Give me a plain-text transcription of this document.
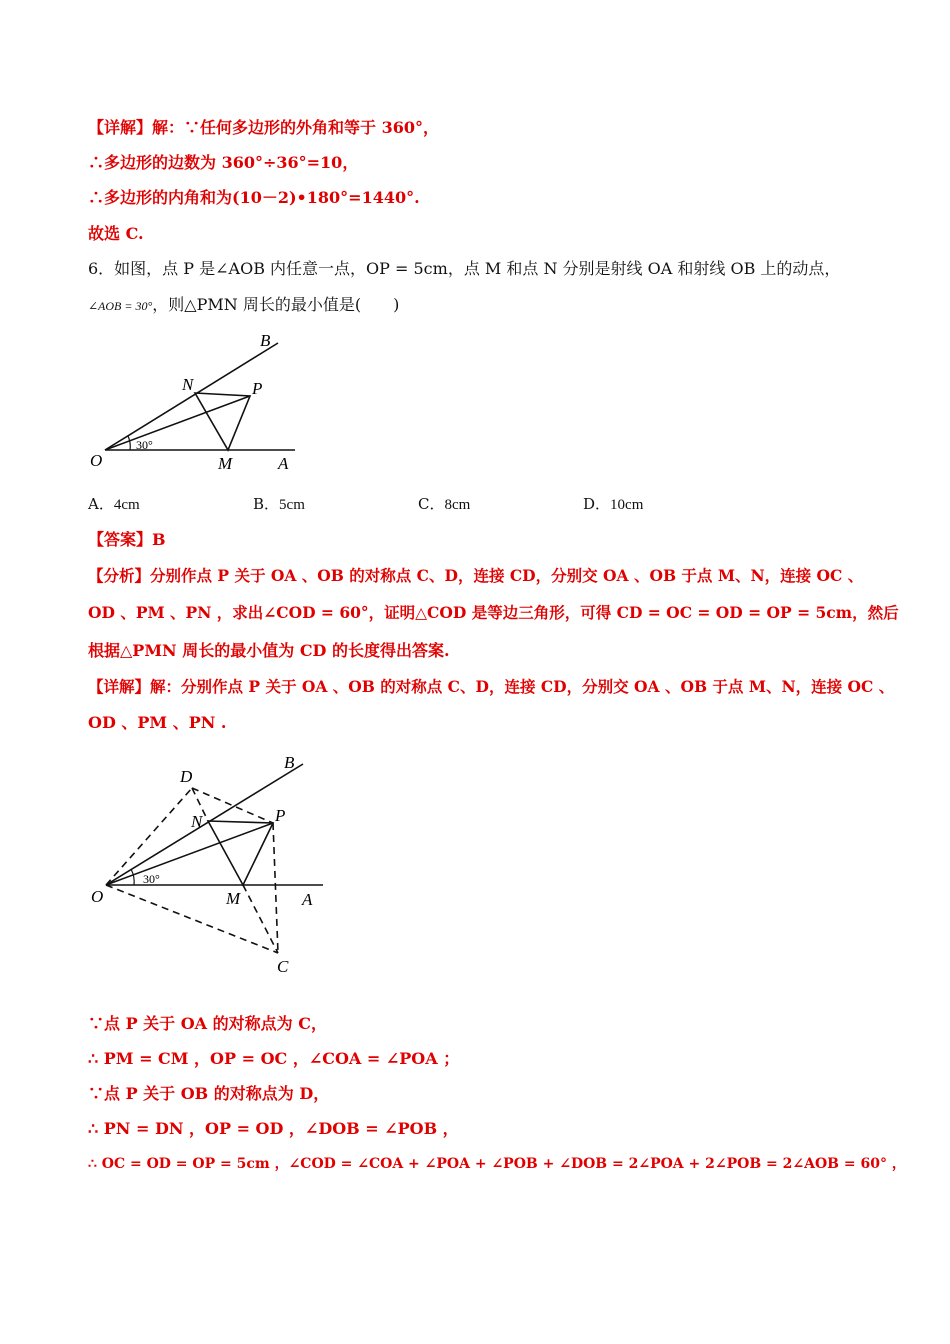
【详解】解：∵任何多边形的外角和等于 360°，
∴多边形的边数为 360°÷36°=10，
∴多边形的内角和为(10－2)•180°=1440°.
故选 C.
6．如图，点 P 是∠AOB 内任意一点，OP = 5cm，点 M 和点 N 分别是射线 OA 和射线 OB 上的动点，
∠AOB = 30°，则△PMN 周长的最小值是(　　)
B
N	P
O
30°
M	A
A．4cm	B．5cm	C．8cm	D．10cm
【答案】B
【分析】分别作点 P 关于 OA 、OB 的对称点 C、D，连接 CD，分别交 OA 、OB 于点 M、N，连接 OC 、
OD 、PM 、PN ，求出∠COD = 60°，证明△COD 是等边三角形，可得 CD = OC = OD = OP = 5cm，然后
根据△PMN 周长的最小值为 CD 的长度得出答案.
【详解】解：分别作点 P 关于 OA 、OB 的对称点 C、D，连接 CD，分别交 OA 、OB 于点 M、N，连接 OC 、
OD 、PM 、PN .
D
B
N	P
O
30°
M	A
C
∵点 P 关于 OA 的对称点为 C，
∴ PM = CM ，OP = OC ，∠COA = ∠POA ；
∵点 P 关于 OB 的对称点为 D，
∴ PN = DN ，OP = OD ，∠DOB = ∠POB ，
∴ OC = OD = OP = 5cm ，∠COD = ∠COA + ∠POA + ∠POB + ∠DOB = 2∠POA + 2∠POB = 2∠AOB = 60° ，
